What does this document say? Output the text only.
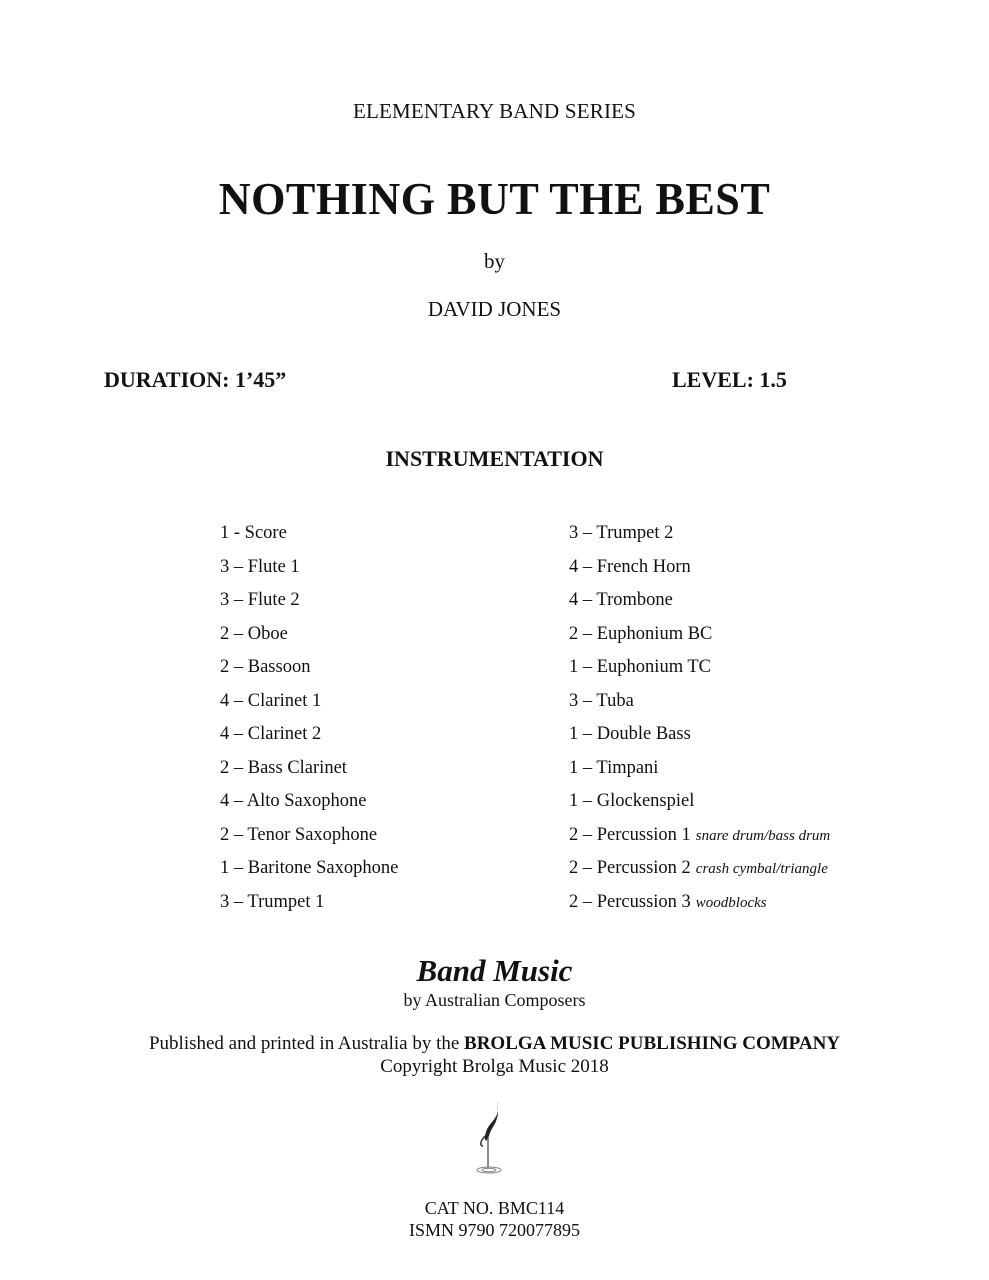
ELEMENTARY BAND SERIES
NOTHING BUT THE BEST
by
DAVID JONES
DURATION: 1’45”	LEVEL: 1.5
INSTRUMENTATION
1 - Score
3 – Flute 1
3 – Flute 2
2 – Oboe
2 – Bassoon
4 – Clarinet 1
4 – Clarinet 2
2 – Bass Clarinet
4 – Alto Saxophone
2 – Tenor Saxophone
1 – Baritone Saxophone
3 – Trumpet 1
3 – Trumpet 2
4 – French Horn
4 – Trombone
2 – Euphonium BC
1 – Euphonium TC
3 – Tuba
1 – Double Bass
1 – Timpani
1 – Glockenspiel
2 – Percussion 1 snare drum/bass drum
2 – Percussion 2 crash cymbal/triangle
2 – Percussion 3 woodblocks
Band Music
by Australian Composers
Published and printed in Australia by the BROLGA MUSIC PUBLISHING COMPANY
Copyright Brolga Music 2018
CAT NO. BMC114
ISMN 9790 720077895
